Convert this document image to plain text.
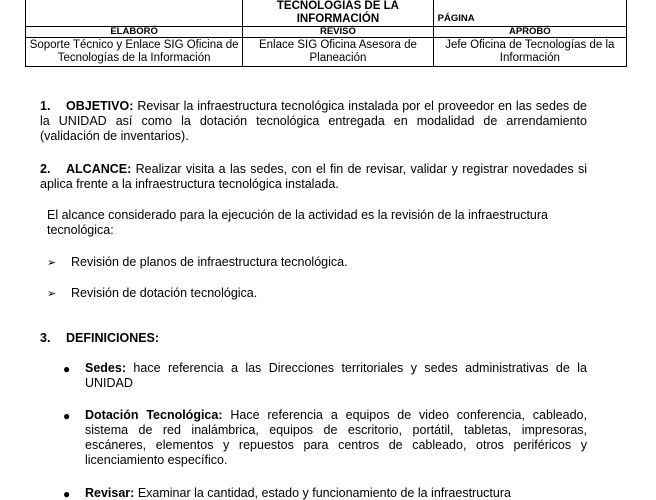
	TECNOLOGÍAS DE LA INFORMACIÓN	PÁGINA
ELABORÓ	REVISÓ	APROBÓ
Soporte Técnico y Enlace SIG Oficina de Tecnologías de la Información	Enlace SIG Oficina Asesora de Planeación	Jefe Oficina de Tecnologías de la Información
1. OBJETIVO: Revisar la infraestructura tecnológica instalada por el proveedor en las sedes de la UNIDAD así como la dotación tecnológica entregada en modalidad de arrendamiento (validación de inventarios).
2. ALCANCE: Realizar visita a las sedes, con el fin de revisar, validar y registrar novedades si aplica frente a la infraestructura tecnológica instalada.
El alcance considerado para la ejecución de la actividad es la revisión de la infraestructura tecnológica:
➢ Revisión de planos de infraestructura tecnológica.
➢ Revisión de dotación tecnológica.
3. DEFINICIONES:
● Sedes: hace referencia a las Direcciones territoriales y sedes administrativas de la UNIDAD
● Dotación Tecnológica: Hace referencia a equipos de video conferencia, cableado, sistema de red inalámbrica, equipos de escritorio, portátil, tabletas, impresoras, escáneres, elementos y repuestos para centros de cableado, otros periféricos y licenciamiento específico.
● Revisar: Examinar la cantidad, estado y funcionamiento de la infraestructura
